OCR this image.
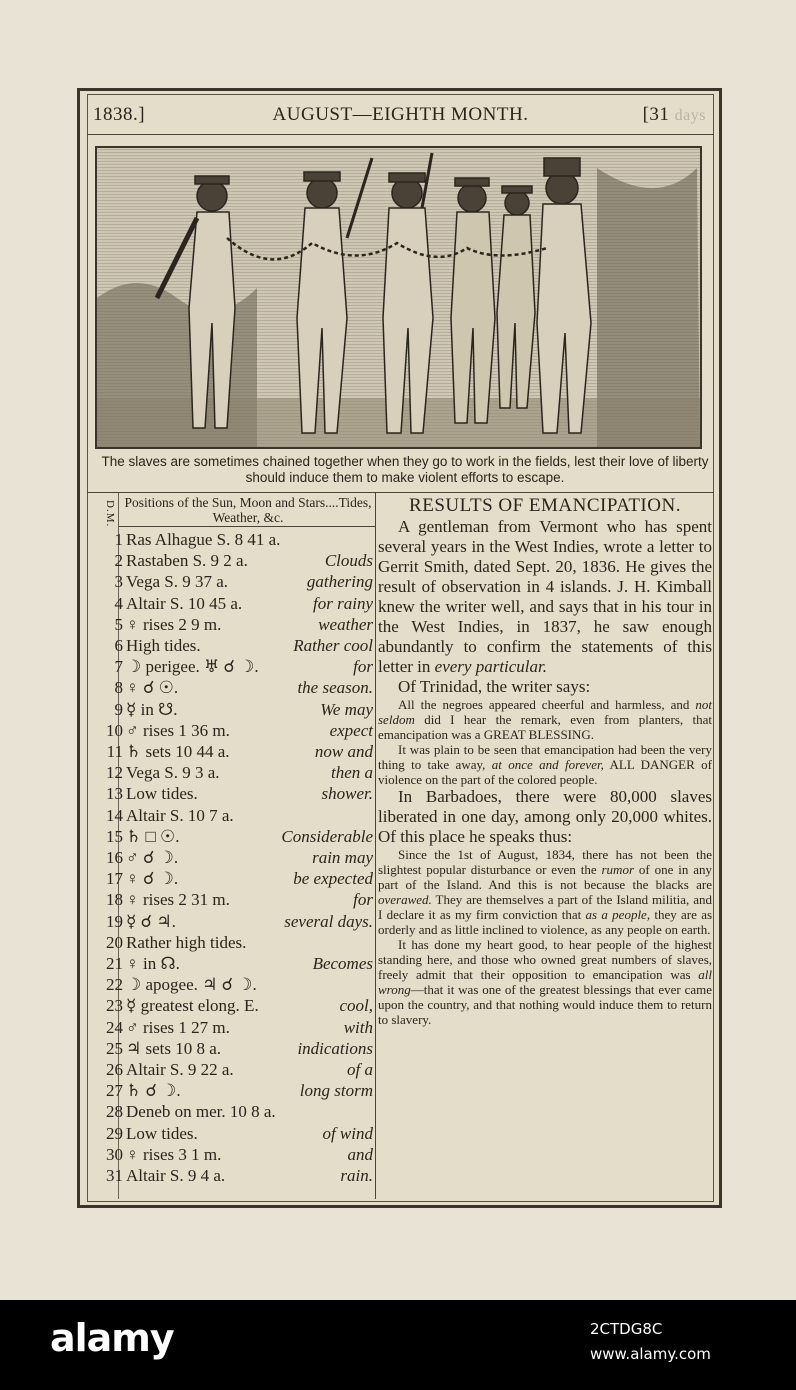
1838.]	AUGUST—EIGHTH MONTH.	[31 days
The slaves are sometimes chained together when they go to work in the fields, lest their love of liberty should induce them to make violent efforts to escape.
D.M. Positions of the Sun, Moon and Stars....Tides, Weather, &c.
1 Ras Alhague S. 8 41 a.
2 Rastaben S. 9 2 a.	Clouds
3 Vega S. 9 37 a.	gathering
4 Altair S. 10 45 a.	for rainy
5 ♀ rises 2 9 m.	weather
6 High tides.	Rather cool
7 ☽ perigee. ♅ ☌ ☽.	for
8 ♀ ☌ ☉.	the season.
9 ☿ in ☋.	We may
10 ♂ rises 1 36 m.	expect
11 ♄ sets 10 44 a.	now and
12 Vega S. 9 3 a.	then a
13 Low tides.	shower.
14 Altair S. 10 7 a.
15 ♄ □ ☉.	Considerable
16 ♂ ☌ ☽.	rain may
17 ♀ ☌ ☽.	be expected
18 ♀ rises 2 31 m.	for
19 ☿ ☌ ♃.	several days.
20 Rather high tides.
21 ♀ in ☊.	Becomes
22 ☽ apogee. ♃ ☌ ☽.
23 ☿ greatest elong. E.	cool,
24 ♂ rises 1 27 m.	with
25 ♃ sets 10 8 a.	indications
26 Altair S. 9 22 a.	of a
27 ♄ ☌ ☽.	long storm
28 Deneb on mer. 10 8 a.
29 Low tides.	of wind
30 ♀ rises 3 1 m.	and
31 Altair S. 9 4 a.	rain.
RESULTS OF EMANCIPATION.

A gentleman from Vermont who has spent several years in the West Indies, wrote a letter to Gerrit Smith, dated Sept. 20, 1836. He gives the result of observation in 4 islands. J. H. Kimball knew the writer well, and says that in his tour in the West Indies, in 1837, he saw enough abundantly to confirm the statements of this letter in every particular.

Of Trinidad, the writer says:

All the negroes appeared cheerful and harmless, and not seldom did I hear the remark, even from planters, that emancipation was a GREAT BLESSING.

It was plain to be seen that emancipation had been the very thing to take away, at once and forever, ALL DANGER of violence on the part of the colored people.

In Barbadoes, there were 80,000 slaves liberated in one day, among only 20,000 whites. Of this place he speaks thus:

Since the 1st of August, 1834, there has not been the slightest popular disturbance or even the rumor of one in any part of the Island. And this is not because the blacks are overawed. They are themselves a part of the Island militia, and I declare it as my firm conviction that as a people, they are as orderly and as little inclined to violence, as any people on earth.

It has done my heart good, to hear people of the highest standing here, and those who owned great numbers of slaves, freely admit that their opposition to emancipation was all wrong—that it was one of the greatest blessings that ever came upon the country, and that nothing would induce them to return to slavery.

alamy	2CTDG8C
www.alamy.com
